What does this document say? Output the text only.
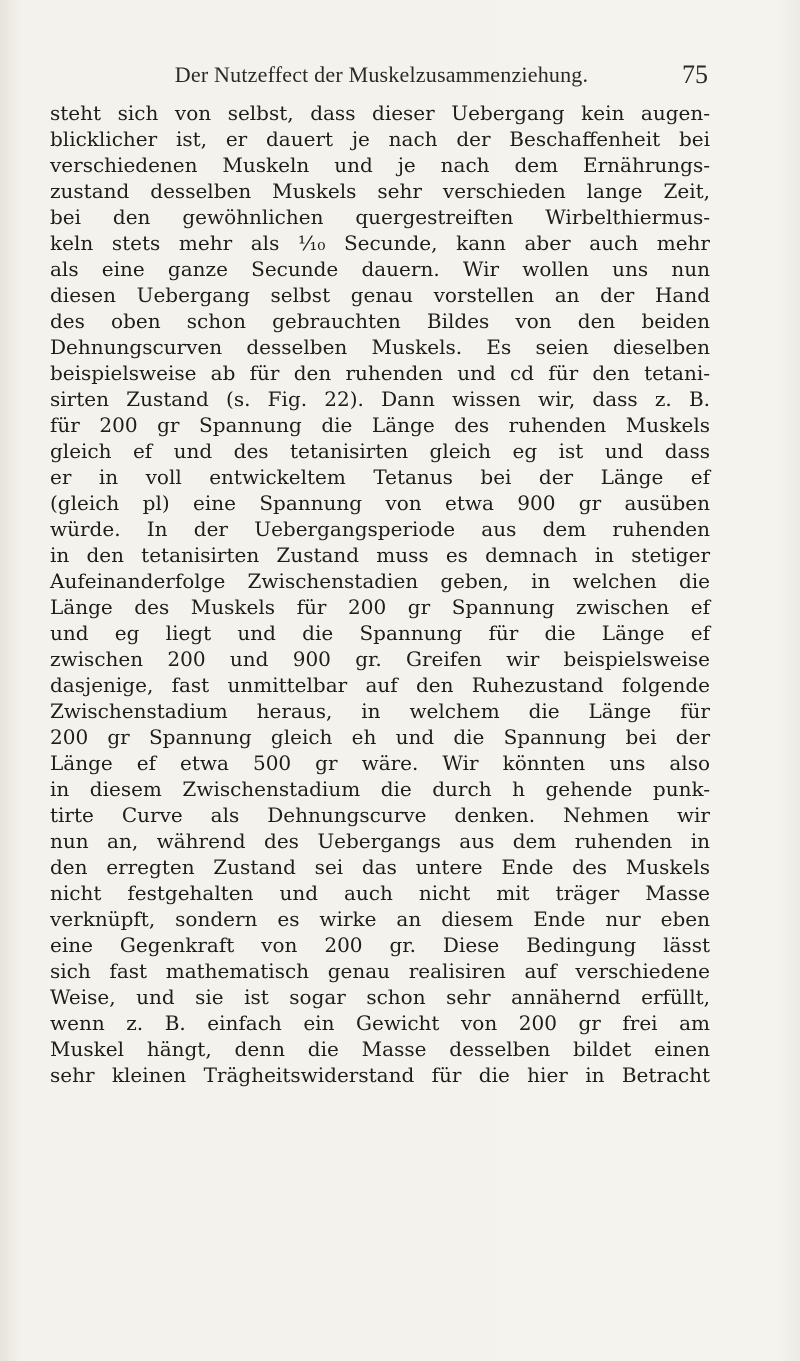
Der Nutzeffect der Muskelzusammenziehung.	75
steht sich von selbst, dass dieser Uebergang kein augen-
blicklicher ist, er dauert je nach der Beschaffenheit bei
verschiedenen Muskeln und je nach dem Ernährungs-
zustand desselben Muskels sehr verschieden lange Zeit,
bei den gewöhnlichen quergestreiften Wirbelthiermus-
keln stets mehr als ¹⁄₁₀ Secunde, kann aber auch mehr
als eine ganze Secunde dauern. Wir wollen uns nun
diesen Uebergang selbst genau vorstellen an der Hand
des oben schon gebrauchten Bildes von den beiden
Dehnungscurven desselben Muskels. Es seien dieselben
beispielsweise ab für den ruhenden und cd für den tetani-
sirten Zustand (s. Fig. 22). Dann wissen wir, dass z. B.
für 200 gr Spannung die Länge des ruhenden Muskels
gleich ef und des tetanisirten gleich eg ist und dass
er in voll entwickeltem Tetanus bei der Länge ef
(gleich pl) eine Spannung von etwa 900 gr ausüben
würde. In der Uebergangsperiode aus dem ruhenden
in den tetanisirten Zustand muss es demnach in stetiger
Aufeinanderfolge Zwischenstadien geben, in welchen die
Länge des Muskels für 200 gr Spannung zwischen ef
und eg liegt und die Spannung für die Länge ef
zwischen 200 und 900 gr. Greifen wir beispielsweise
dasjenige, fast unmittelbar auf den Ruhezustand folgende
Zwischenstadium heraus, in welchem die Länge für
200 gr Spannung gleich eh und die Spannung bei der
Länge ef etwa 500 gr wäre. Wir könnten uns also
in diesem Zwischenstadium die durch h gehende punk-
tirte Curve als Dehnungscurve denken. Nehmen wir
nun an, während des Uebergangs aus dem ruhenden in
den erregten Zustand sei das untere Ende des Muskels
nicht festgehalten und auch nicht mit träger Masse
verknüpft, sondern es wirke an diesem Ende nur eben
eine Gegenkraft von 200 gr. Diese Bedingung lässt
sich fast mathematisch genau realisiren auf verschiedene
Weise, und sie ist sogar schon sehr annähernd erfüllt,
wenn z. B. einfach ein Gewicht von 200 gr frei am
Muskel hängt, denn die Masse desselben bildet einen
sehr kleinen Trägheitswiderstand für die hier in Betracht
